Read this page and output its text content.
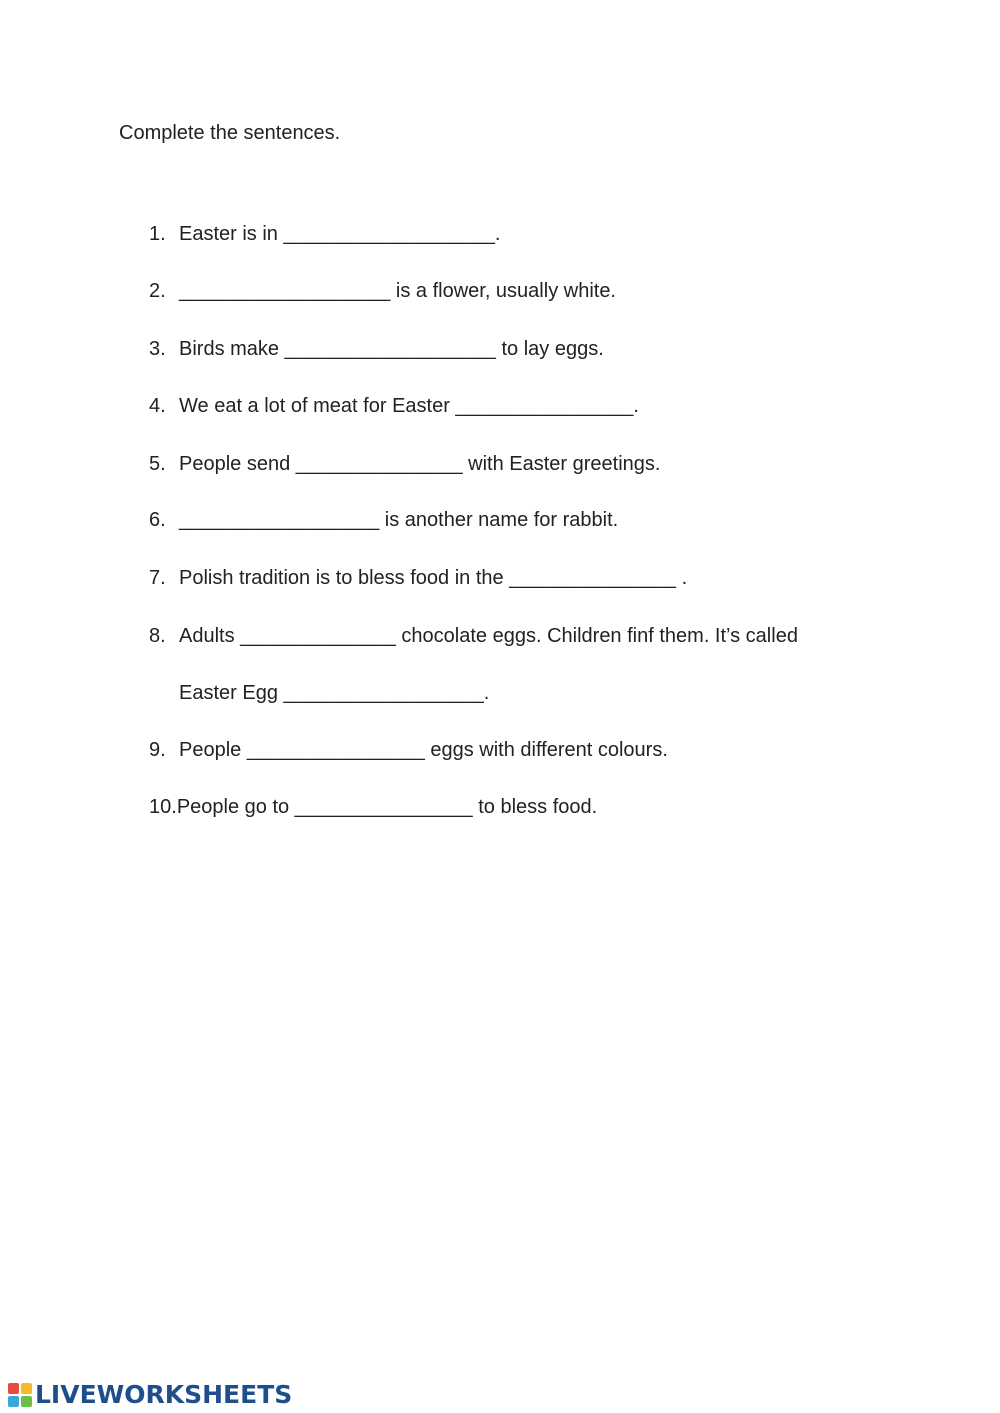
Complete the sentences.
1. Easter is in ___________________.
2. ___________________ is a flower, usually white.
3. Birds make ___________________ to lay eggs.
4. We eat a lot of meat for Easter ________________.
5. People send _______________ with Easter greetings.
6. __________________ is another name for rabbit.
7. Polish tradition is to bless food in the _______________ .
8. Adults ______________ chocolate eggs. Children finf them. It’s called
Easter Egg __________________.
9. People ________________ eggs with different colours.
10. People go to ________________ to bless food.
LIVEWORKSHEETS
